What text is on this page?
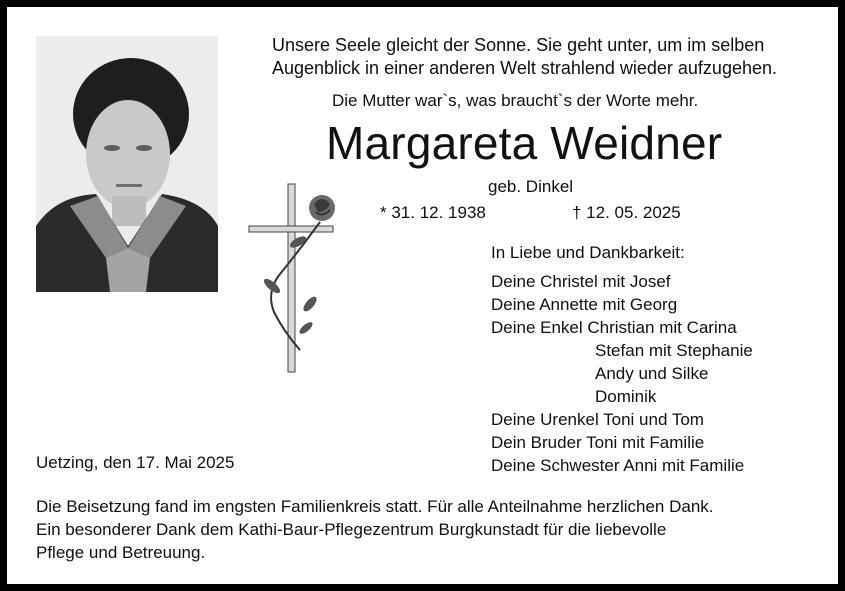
Unsere Seele gleicht der Sonne. Sie geht unter, um im selben
Augenblick in einer anderen Welt strahlend wieder aufzugehen.
Die Mutter war`s, was braucht`s der Worte mehr.
Margareta Weidner
geb. Dinkel
* 31. 12. 1938	† 12. 05. 2025
In Liebe und Dankbarkeit:
Deine Christel mit Josef
Deine Annette mit Georg
Deine Enkel Christian mit Carina
Stefan mit Stephanie
Andy und Silke
Dominik
Deine Urenkel Toni und Tom
Dein Bruder Toni mit Familie
Deine Schwester Anni mit Familie
Uetzing, den 17. Mai 2025
Die Beisetzung fand im engsten Familienkreis statt. Für alle Anteilnahme herzlichen Dank.
Ein besonderer Dank dem Kathi-Baur-Pflegezentrum Burgkunstadt für die liebevolle
Pflege und Betreuung.
